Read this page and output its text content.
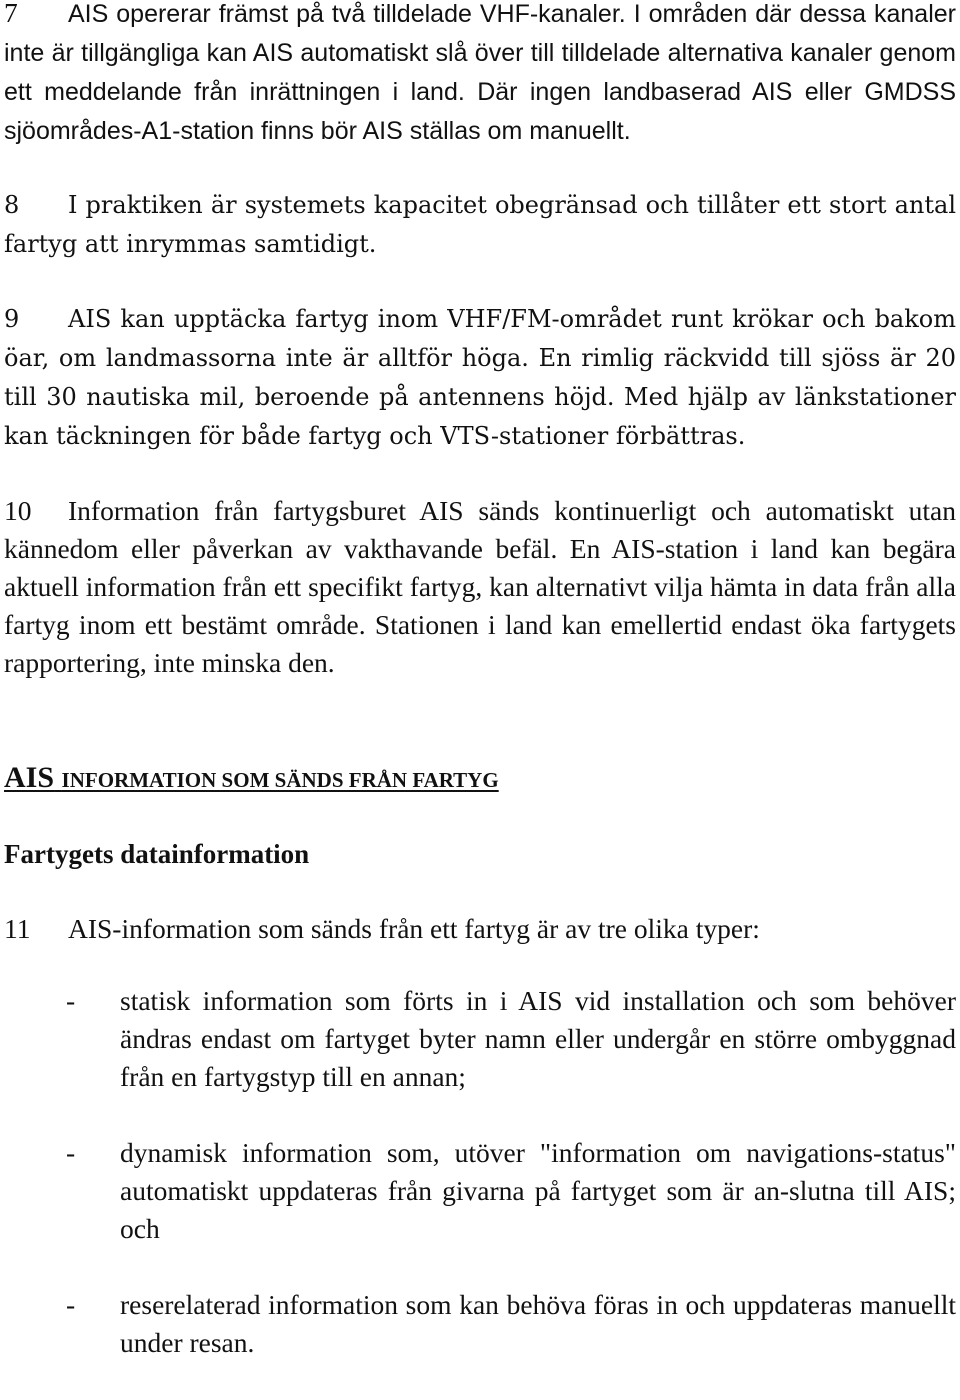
7 AIS opererar främst på två tilldelade VHF-kanaler. I områden där dessa kanaler inte är tillgängliga kan AIS automatiskt slå över till tilldelade alternativa kanaler genom ett meddelande från inrättningen i land. Där ingen landbaserad AIS eller GMDSS sjöområdes-A1-station finns bör AIS ställas om manuellt.

8 I praktiken är systemets kapacitet obegränsad och tillåter ett stort antal fartyg att inrymmas samtidigt.

9 AIS kan upptäcka fartyg inom VHF/FM-området runt krökar och bakom öar, om landmassorna inte är alltför höga. En rimlig räckvidd till sjöss är 20 till 30 nautiska mil, beroende på antennens höjd. Med hjälp av länkstationer kan täckningen för både fartyg och VTS-stationer förbättras.

10 Information från fartygsburet AIS sänds kontinuerligt och automatiskt utan kännedom eller påverkan av vakthavande befäl. En AIS-station i land kan begära aktuell information från ett specifikt fartyg, kan alternativt vilja hämta in data från alla fartyg inom ett bestämt område. Stationen i land kan emellertid endast öka fartygets rapportering, inte minska den.

AIS INFORMATION SOM SÄNDS FRÅN FARTYG
Fartygets datainformation

11 AIS-information som sänds från ett fartyg är av tre olika typer:

-	statisk information som förts in i AIS vid installation och som behöver ändras endast om fartyget byter namn eller undergår en större ombyggnad från en fartygstyp till en annan;
-	dynamisk information som, utöver "information om navigations-status" automatiskt uppdateras från givarna på fartyget som är an-slutna till AIS; och
-	reserelaterad information som kan behöva föras in och uppdateras manuellt under resan.
